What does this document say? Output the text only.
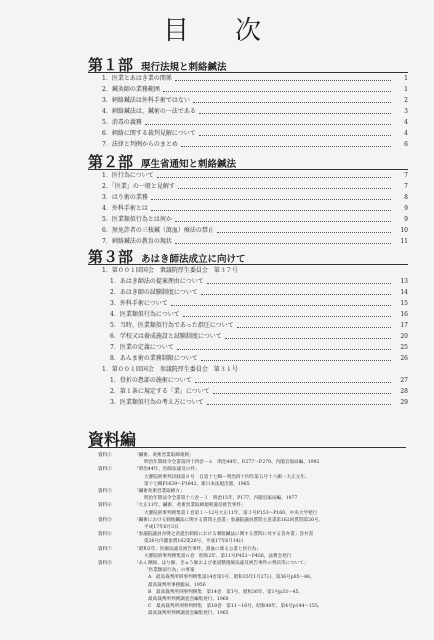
目　次
第１部 現行法規と刺絡鍼法
1．医業とあはき業の関係	1
2．鍼灸師の業務範囲	1
3．刺絡鍼法は外科手術ではない	2
4．刺絡鍼法は、鍼術の一法である	3
5．消毒の義務	4
6．刺絡に関する裁判見解について	4
7．法律と判例からのまとめ	6
第２部 厚生省通知と刺絡鍼法
1．医行為について	7
2．「医業」の一般と見解す	7
3．はり術の業務	8
4．外科手術とは	9
5．医業類似行為とは何か	9
6．無免許者の三稜鍼（瀉血）療法の禁止	10
7．刺絡鍼法の教育の現状	11
第３部 あはき師法成立に向けて
1．第００１回国会　衆議院厚生委員会　第３７号
1．あはき師法の提案理由について	13
2．あはき師の試験制度について	14
3．外科手術について	15
4．医業類似行為について	16
5．当時、医業類似行為であった指圧について	17
6．学校又は養成施設と試験制度について	20
7．医業の定義について	25
8．あんま術の業務制限について	26
1．第００１回国会　参議院厚生委員会　第３１号
1．骨折の患部の施術について	27
2．第１条に規定する「業」について	28
3．医業類似行為の考え方について	29
資料編
資料①	「鍼術、灸術営業取締規則」
明治年間政令全書第四十四巻－６　明治44年、P.277～P.279、内閣官報局編、1992
資料②	「明治44年、医師法違反の件」
大審院刑事判決録第８号　自第十七輯－明治四十四年第五号十八輯一大正元年、
第十七輯P1639～P1642、新日本法規出版、1965
資料③	「鍼術灸術営業取締方」
明治年間法令全書第十八巻－１　明治15年、P177、内閣官報局編、1977
資料④	「大正11年、鍼術、灸術営業取締規則違反被告事件」
大審院刑事判例集第１巻第１～12号大正11年、第３号P153～P160、中央大学発行
資料⑤	「鍼術における刺絡鍼法に関する質問主意書」参議院議員質問主意書第162回質問第26号、
平成17年6月3日
資料⑥	「参議院議員谷博之君提出刺絡における刺絡鍼法に関する質問に対する答弁書」答弁書
第26号内閣参質162第26号、平成17年6月14日
資料⑦	「昭和2年、医師法違反被告事件、瀉血に係る公書と医行為」
大審院刑事判例集第６巻　昭和2年、第11号P453～P456、法曹会発行
資料⑧	「あん摩師、はり師、きゅう師および柔道整復師法違反被告事件の判決等について」
「医業類似行為」の事案
A　最高裁判所刑事判例集第14巻第1号、昭和35年1月27日、第36号p85～86、
最高裁判所事務総局、1956
B　最高裁判所刑事判例集　第14巻　第1号、昭和36年、第1号p33～45、
最高裁判所判例調査会編集発行、1960
C　最高裁判所刑事判例集　第18巻　第11～16号、昭和40年、第4号p144～155、
最高裁判所判例調査会編集発行、1965
